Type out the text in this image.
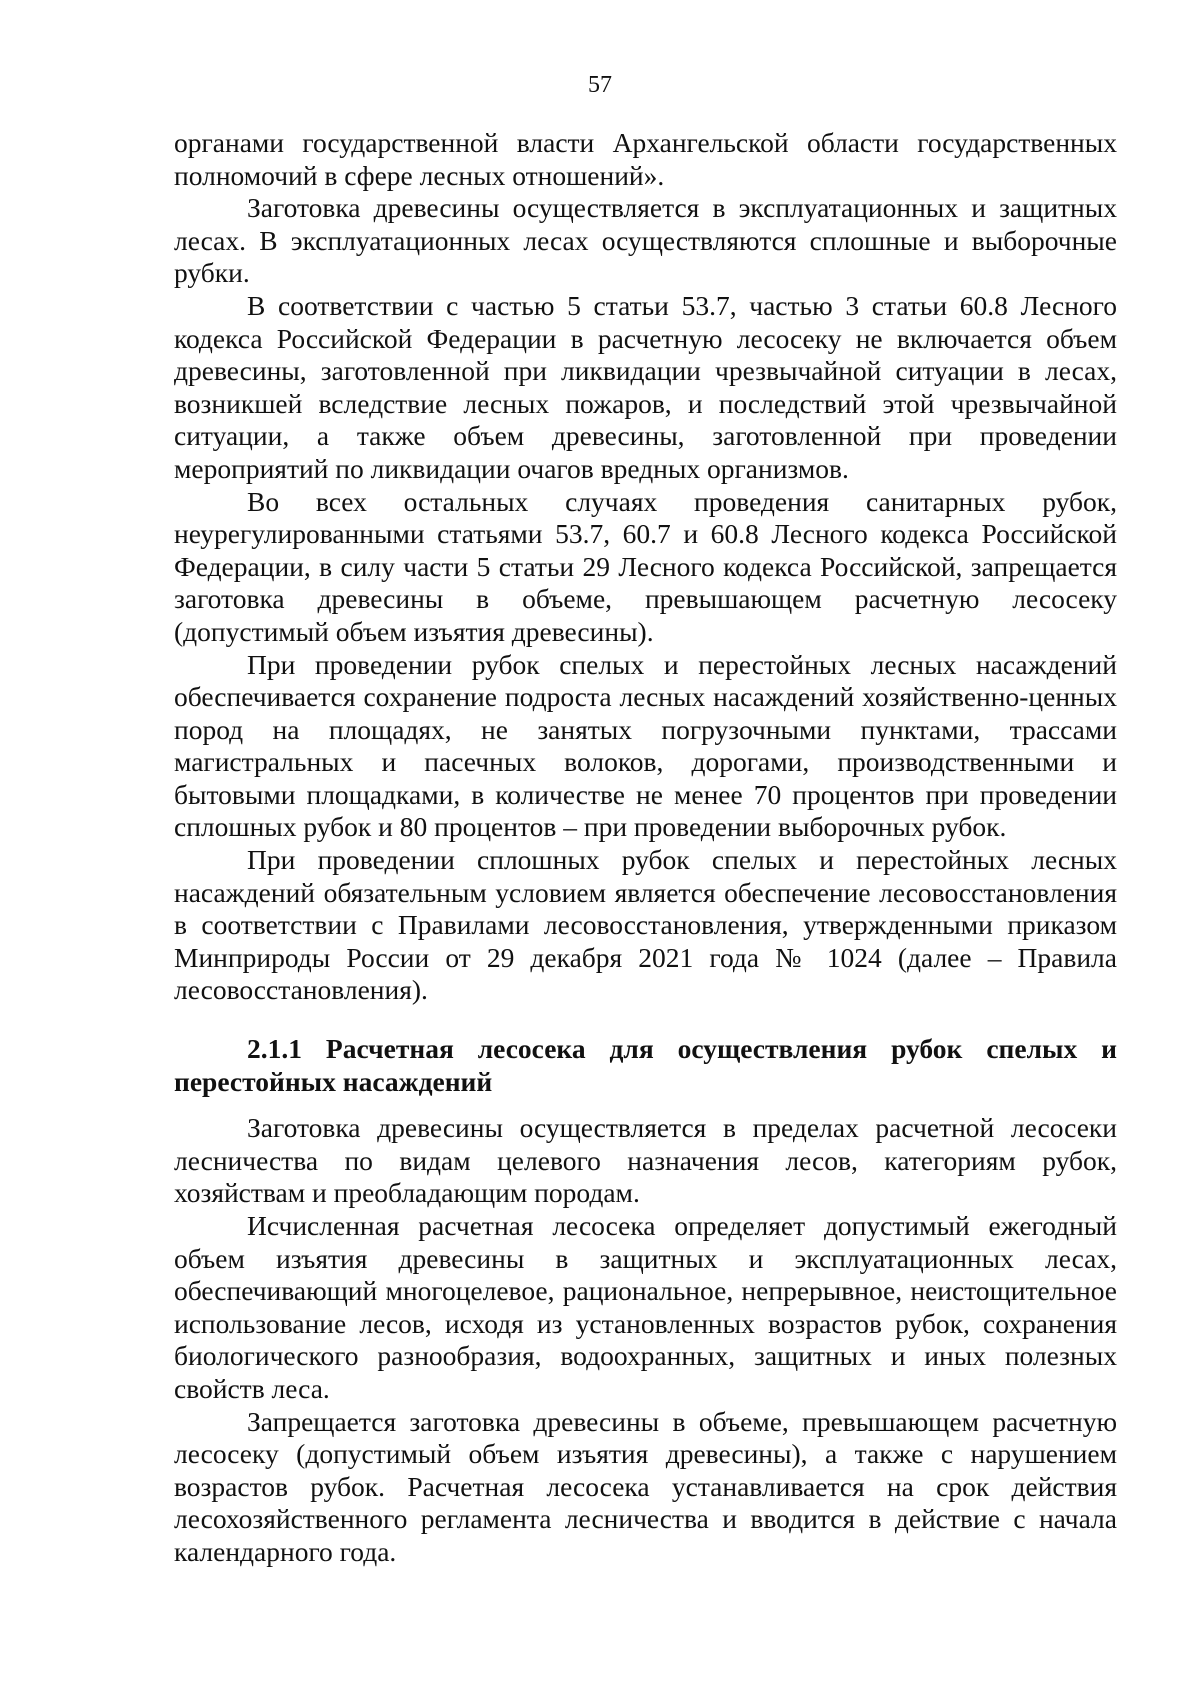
57

органами государственной власти Архангельской области государственных полномочий в сфере лесных отношений».

Заготовка древесины осуществляется в эксплуатационных и защитных лесах. В эксплуатационных лесах осуществляются сплошные и выборочные рубки.

В соответствии с частью 5 статьи 53.7, частью 3 статьи 60.8 Лесного кодекса Российской Федерации в расчетную лесосеку не включается объем древесины, заготовленной при ликвидации чрезвычайной ситуации в лесах, возникшей вследствие лесных пожаров, и последствий этой чрезвычайной ситуации, а также объем древесины, заготовленной при проведении мероприятий по ликвидации очагов вредных организмов.

Во всех остальных случаях проведения санитарных рубок, неурегулированными статьями 53.7, 60.7 и 60.8 Лесного кодекса Российской Федерации, в силу части 5 статьи 29 Лесного кодекса Российской, запрещается заготовка древесины в объеме, превышающем расчетную лесосеку (допустимый объем изъятия древесины).

При проведении рубок спелых и перестойных лесных насаждений обеспечивается сохранение подроста лесных насаждений хозяйственно-ценных пород на площадях, не занятых погрузочными пунктами, трассами магистральных и пасечных волоков, дорогами, производственными и бытовыми площадками, в количестве не менее 70 процентов при проведении сплошных рубок и 80 процентов – при проведении выборочных рубок.

При проведении сплошных рубок спелых и перестойных лесных насаждений обязательным условием является обеспечение лесовосстановления в соответствии с Правилами лесовосстановления, утвержденными приказом Минприроды России от 29 декабря 2021 года № 1024 (далее – Правила лесовосстановления).

2.1.1 Расчетная лесосека для осуществления рубок спелых и перестойных насаждений

Заготовка древесины осуществляется в пределах расчетной лесосеки лесничества по видам целевого назначения лесов, категориям рубок, хозяйствам и преобладающим породам.

Исчисленная расчетная лесосека определяет допустимый ежегодный объем изъятия древесины в защитных и эксплуатационных лесах, обеспечивающий многоцелевое, рациональное, непрерывное, неистощительное использование лесов, исходя из установленных возрастов рубок, сохранения биологического разнообразия, водоохранных, защитных и иных полезных свойств леса.

Запрещается заготовка древесины в объеме, превышающем расчетную лесосеку (допустимый объем изъятия древесины), а также с нарушением возрастов рубок. Расчетная лесосека устанавливается на срок действия лесохозяйственного регламента лесничества и вводится в действие с начала календарного года.
